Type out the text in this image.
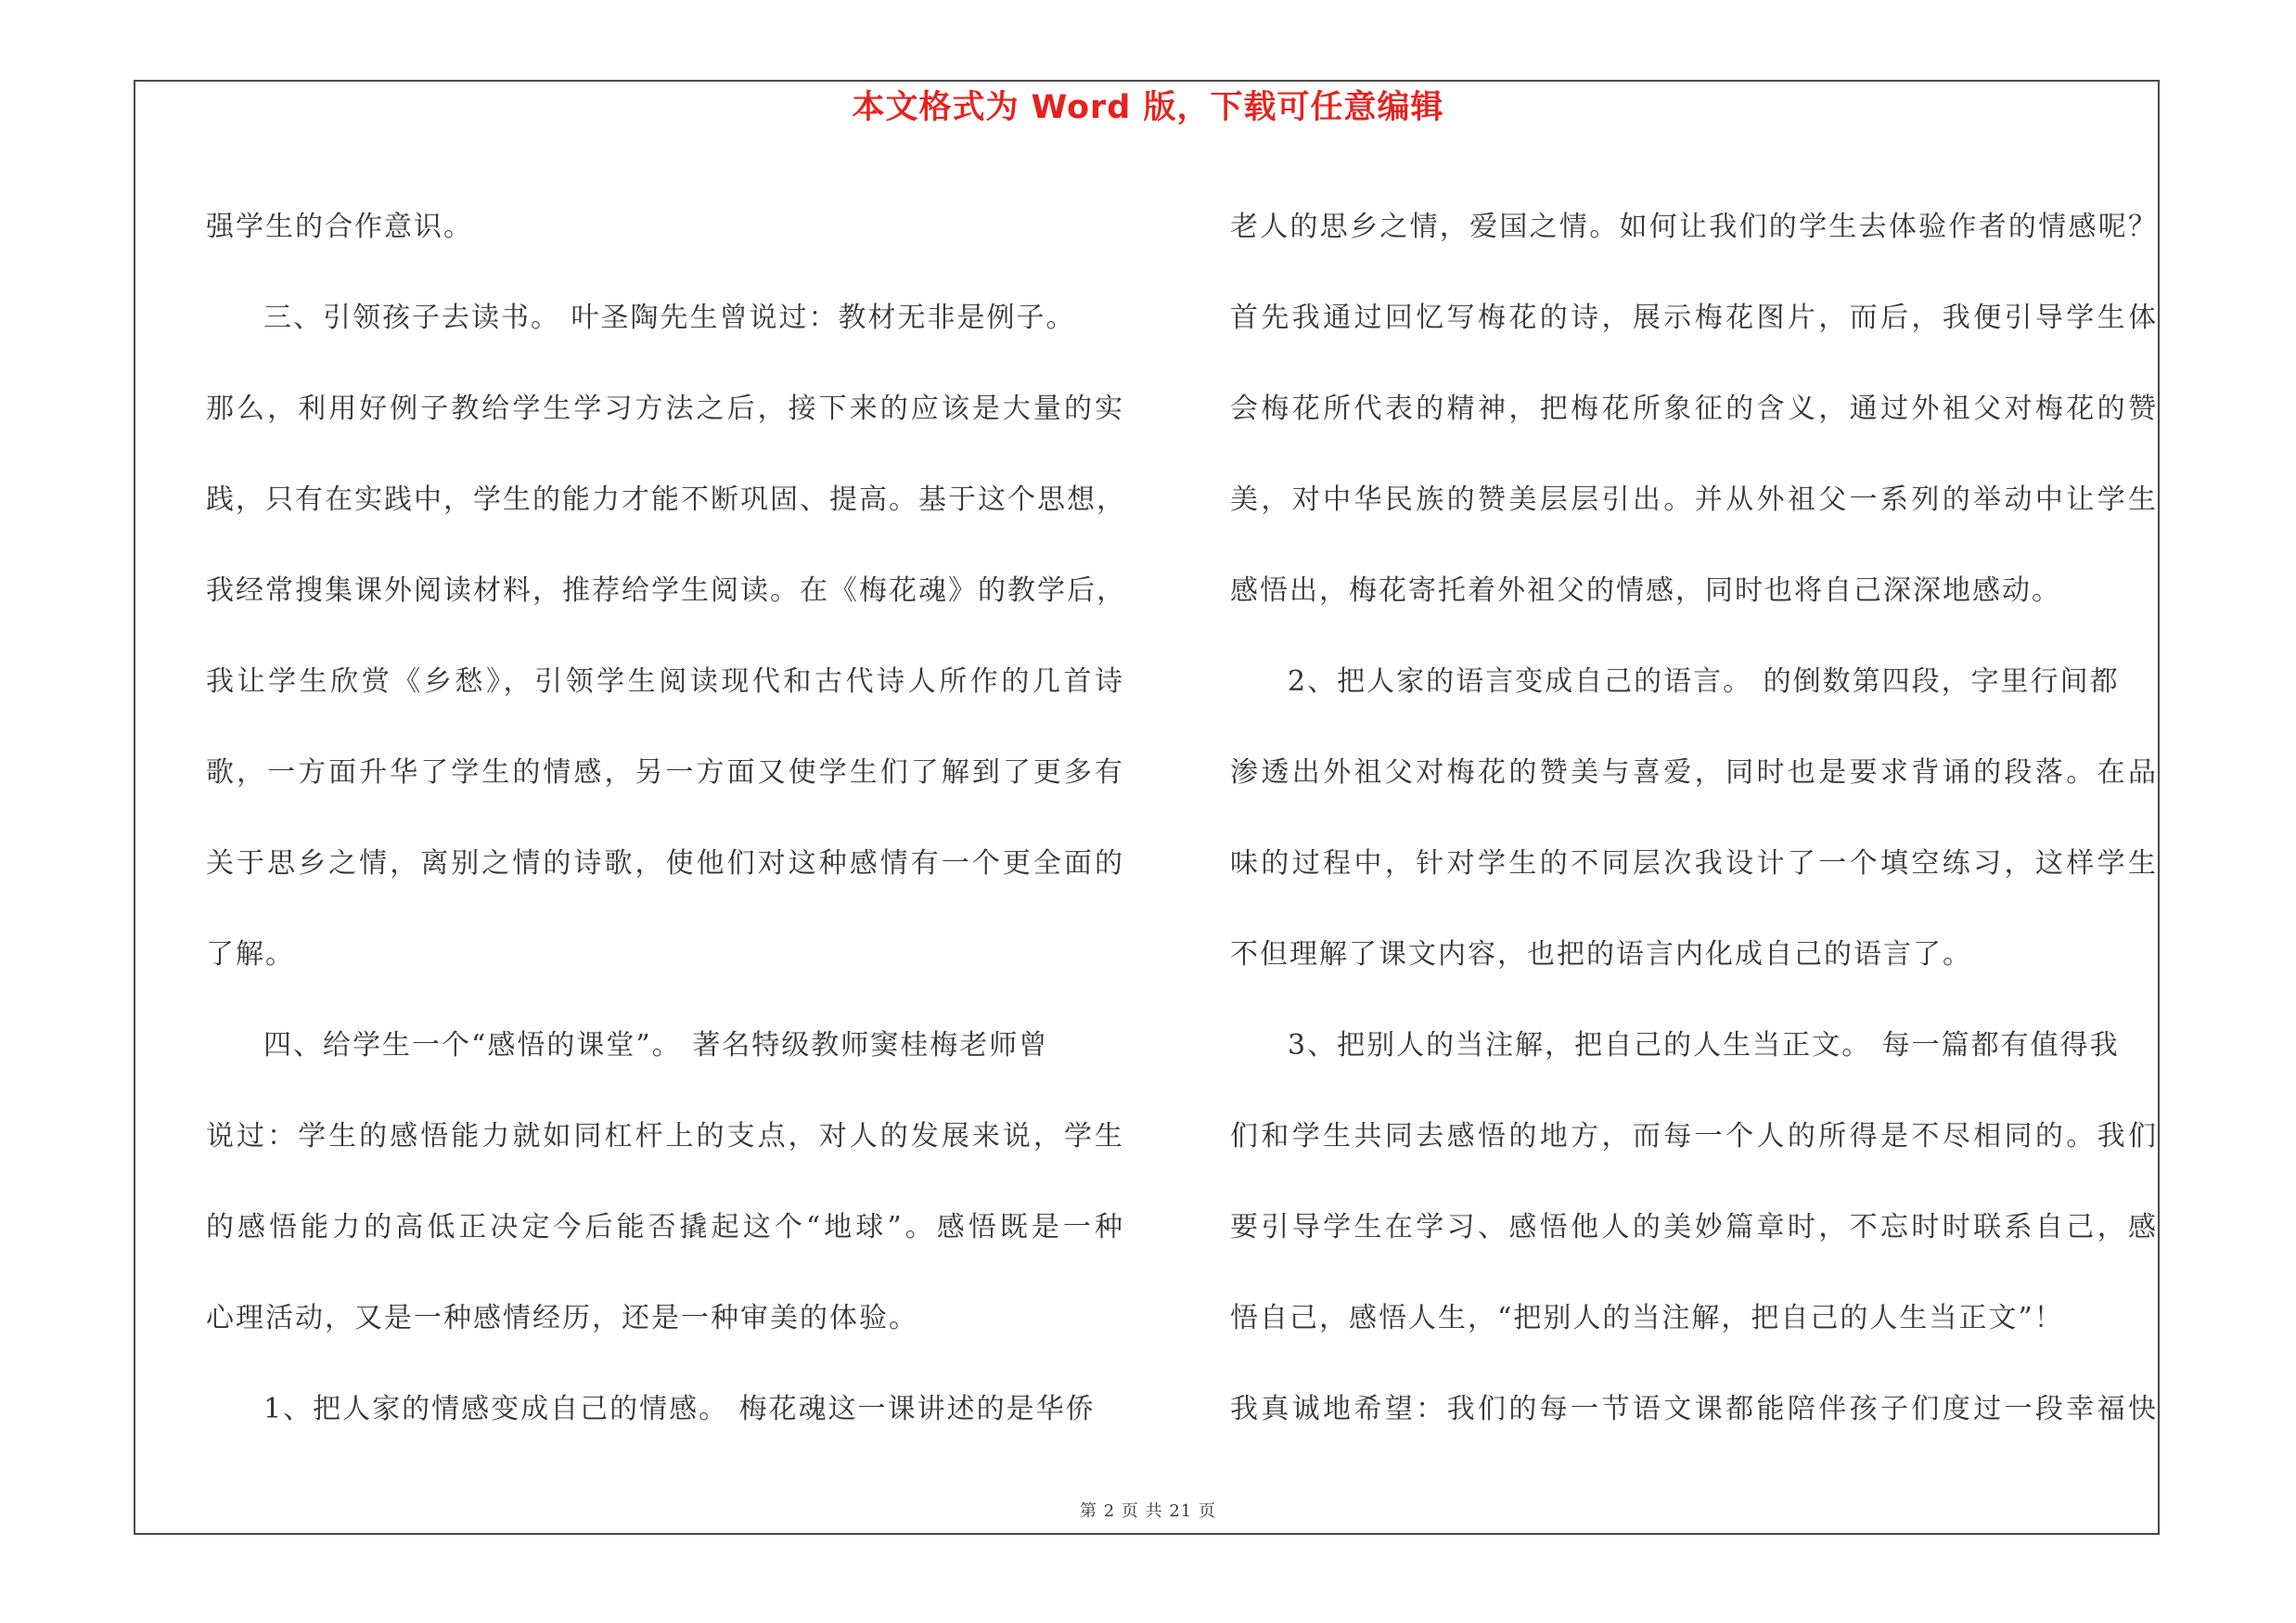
本文格式为 Word 版，下载可任意编辑
强学生的合作意识。
三、引领孩子去读书。 叶圣陶先生曾说过：教材无非是例子。
那么，利用好例子教给学生学习方法之后，接下来的应该是大量的实
践，只有在实践中，学生的能力才能不断巩固、提高。基于这个思想，
我经常搜集课外阅读材料，推荐给学生阅读。在《梅花魂》的教学后，
我让学生欣赏《乡愁》，引领学生阅读现代和古代诗人所作的几首诗
歌，一方面升华了学生的情感，另一方面又使学生们了解到了更多有
关于思乡之情，离别之情的诗歌，使他们对这种感情有一个更全面的
了解。
四、给学生一个“感悟的课堂”。 著名特级教师窦桂梅老师曾
说过：学生的感悟能力就如同杠杆上的支点，对人的发展来说，学生
的感悟能力的高低正决定今后能否撬起这个“地球”。感悟既是一种
心理活动，又是一种感情经历，还是一种审美的体验。
1、把人家的情感变成自己的情感。 梅花魂这一课讲述的是华侨
老人的思乡之情，爱国之情。如何让我们的学生去体验作者的情感呢？
首先我通过回忆写梅花的诗，展示梅花图片，而后，我便引导学生体
会梅花所代表的精神，把梅花所象征的含义，通过外祖父对梅花的赞
美，对中华民族的赞美层层引出。并从外祖父一系列的举动中让学生
感悟出，梅花寄托着外祖父的情感，同时也将自己深深地感动。
2、把人家的语言变成自己的语言。 的倒数第四段，字里行间都
渗透出外祖父对梅花的赞美与喜爱，同时也是要求背诵的段落。在品
味的过程中，针对学生的不同层次我设计了一个填空练习，这样学生
不但理解了课文内容，也把的语言内化成自己的语言了。
3、把别人的当注解，把自己的人生当正文。 每一篇都有值得我
们和学生共同去感悟的地方，而每一个人的所得是不尽相同的。我们
要引导学生在学习、感悟他人的美妙篇章时，不忘时时联系自己，感
悟自己，感悟人生，“把别人的当注解，把自己的人生当正文”！
我真诚地希望：我们的每一节语文课都能陪伴孩子们度过一段幸福快
第 2 页 共 21 页
